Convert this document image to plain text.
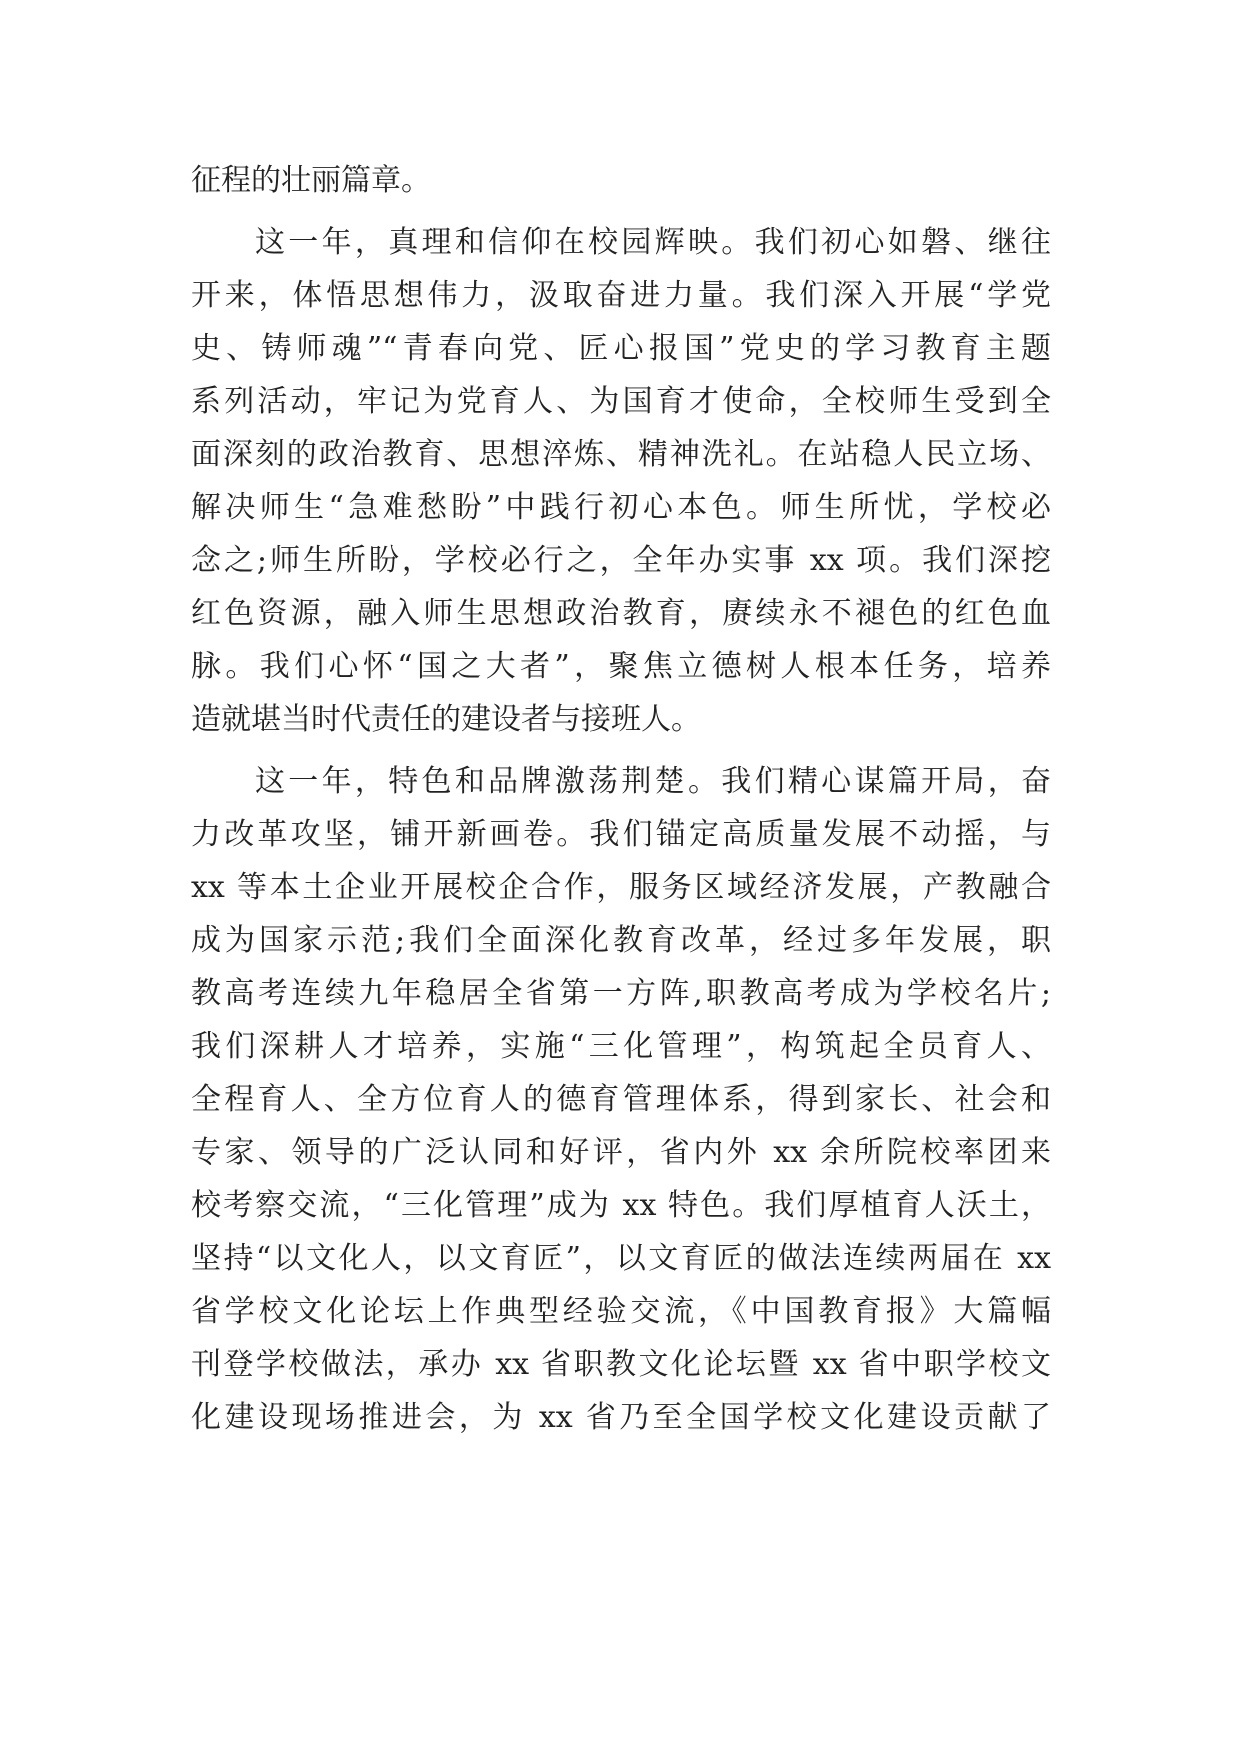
征程的壮丽篇章。
这一年，真理和信仰在校园辉映。我们初心如磐、继往
开来，体悟思想伟力，汲取奋进力量。我们深入开展“学党
史、铸师魂”“青春向党、匠心报国”党史的学习教育主题
系列活动，牢记为党育人、为国育才使命，全校师生受到全
面深刻的政治教育、思想淬炼、精神洗礼。在站稳人民立场、
解决师生“急难愁盼”中践行初心本色。师生所忧，学校必
念之;师生所盼，学校必行之，全年办实事 xx 项。我们深挖
红色资源，融入师生思想政治教育，赓续永不褪色的红色血
脉。我们心怀“国之大者”，聚焦立德树人根本任务，培养
造就堪当时代责任的建设者与接班人。
这一年，特色和品牌激荡荆楚。我们精心谋篇开局，奋
力改革攻坚，铺开新画卷。我们锚定高质量发展不动摇，与
xx 等本土企业开展校企合作，服务区域经济发展，产教融合
成为国家示范;我们全面深化教育改革，经过多年发展，职
教高考连续九年稳居全省第一方阵,职教高考成为学校名片;
我们深耕人才培养，实施“三化管理”，构筑起全员育人、
全程育人、全方位育人的德育管理体系，得到家长、社会和
专家、领导的广泛认同和好评，省内外 xx 余所院校率团来
校考察交流，“三化管理”成为 xx 特色。我们厚植育人沃土，
坚持“以文化人，以文育匠”，以文育匠的做法连续两届在 xx
省学校文化论坛上作典型经验交流，《中国教育报》大篇幅
刊登学校做法，承办 xx 省职教文化论坛暨 xx 省中职学校文
化建设现场推进会，为 xx 省乃至全国学校文化建设贡献了
